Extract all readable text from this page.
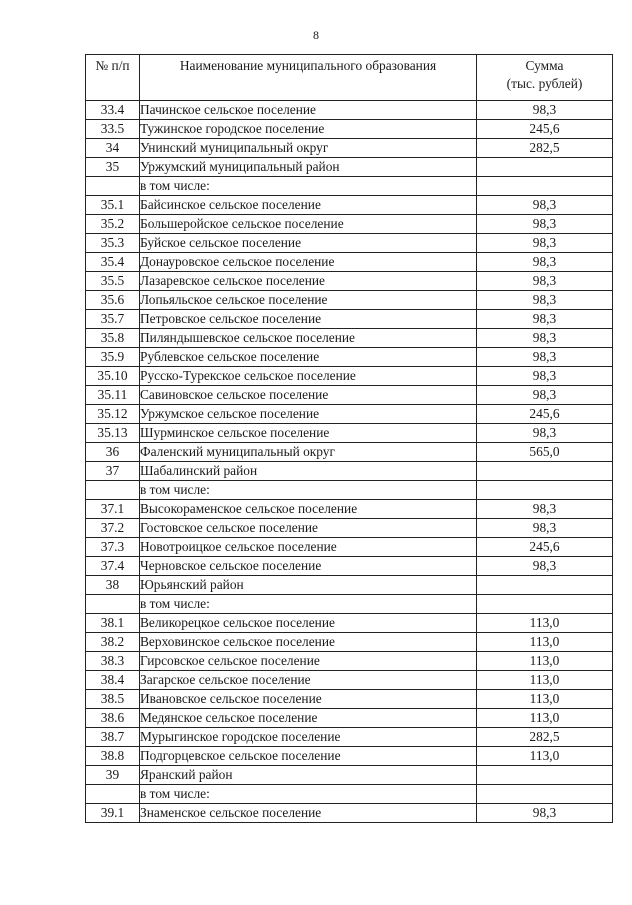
8
№ п/п	Наименование муниципального образования	Сумма
(тыс. рублей)

33.4	Пачинское сельское поселение	98,3
33.5	Тужинское городское поселение	245,6
34	Унинский муниципальный округ	282,5
35	Уржумский муниципальный район	
	в том числе:	
35.1	Байсинское сельское поселение	98,3
35.2	Большеройское сельское поселение	98,3
35.3	Буйское сельское поселение	98,3
35.4	Донауровское сельское поселение	98,3
35.5	Лазаревское сельское поселение	98,3
35.6	Лопьяльское сельское поселение	98,3
35.7	Петровское сельское поселение	98,3
35.8	Пиляндышевское сельское поселение	98,3
35.9	Рублевское сельское поселение	98,3
35.10	Русско-Турекское сельское поселение	98,3
35.11	Савиновское сельское поселение	98,3
35.12	Уржумское сельское поселение	245,6
35.13	Шурминское сельское поселение	98,3
36	Фаленский муниципальный округ	565,0
37	Шабалинский район	
	в том числе:	
37.1	Высокораменское сельское поселение	98,3
37.2	Гостовское сельское поселение	98,3
37.3	Новотроицкое сельское поселение	245,6
37.4	Черновское сельское поселение	98,3
38	Юрьянский район	
	в том числе:	
38.1	Великорецкое сельское поселение	113,0
38.2	Верховинское сельское поселение	113,0
38.3	Гирсовское сельское поселение	113,0
38.4	Загарское сельское поселение	113,0
38.5	Ивановское сельское поселение	113,0
38.6	Медянское сельское поселение	113,0
38.7	Мурыгинское городское поселение	282,5
38.8	Подгорцевское сельское поселение	113,0
39	Яранский район	
	в том числе:	
39.1	Знаменское сельское поселение	98,3
